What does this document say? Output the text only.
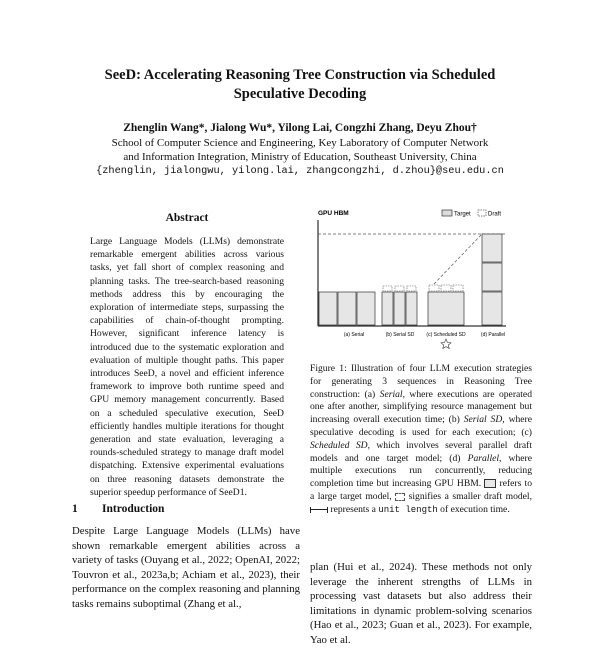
SeeD: Accelerating Reasoning Tree Construction via Scheduled
Speculative Decoding
Zhenglin Wang*, Jialong Wu*, Yilong Lai, Congzhi Zhang, Deyu Zhou†
School of Computer Science and Engineering, Key Laboratory of Computer Network
and Information Integration, Ministry of Education, Southeast University, China
{zhenglin, jialongwu, yilong.lai, zhangcongzhi, d.zhou}@seu.edu.cn
Abstract

Large Language Models (LLMs) demonstrate remarkable emergent abilities across various tasks, yet fall short of complex reasoning and planning tasks. The tree-search-based reasoning methods address this by encouraging the exploration of intermediate steps, surpassing the capabilities of chain-of-thought prompting. However, significant inference latency is introduced due to the systematic exploration and evaluation of multiple thought paths. This paper introduces SeeD, a novel and efficient inference framework to improve both runtime speed and GPU memory management concurrently. Based on a scheduled speculative execution, SeeD efficiently handles multiple iterations for thought generation and state evaluation, leveraging a rounds-scheduled strategy to manage draft model dispatching. Extensive experimental evaluations on three reasoning datasets demonstrate the superior speedup performance of SeeD1.

1 Introduction

Despite Large Language Models (LLMs) have shown remarkable emergent abilities across a variety of tasks (Ouyang et al., 2022; OpenAI, 2022; Touvron et al., 2023a,b; Achiam et al., 2023), their performance on the complex reasoning and planning tasks remains suboptimal (Zhang et al.,

plan (Hui et al., 2024). These methods not only leverage the inherent strengths of LLMs in processing vast datasets but also address their limitations in dynamic problem-solving scenarios (Hao et al., 2023; Guan et al., 2023). For example, Yao et al.

GPU HBM	Target	Draft
(a) Serial	(b) Serial SD (c) Scheduled SD	(d) Parallel

Figure 1: Illustration of four LLM execution strategies for generating 3 sequences in Reasoning Tree construction: (a) Serial, where executions are operated one after another, simplifying resource management but increasing overall execution time; (b) Serial SD, where speculative decoding is used for each execution; (c) Scheduled SD, which involves several parallel draft models and one target model; (d) Parallel, where multiple executions run concurrently, reducing completion time but increasing GPU HBM.  refers to a large target model,  signifies a smaller draft model,  represents a unit length of execution time.
